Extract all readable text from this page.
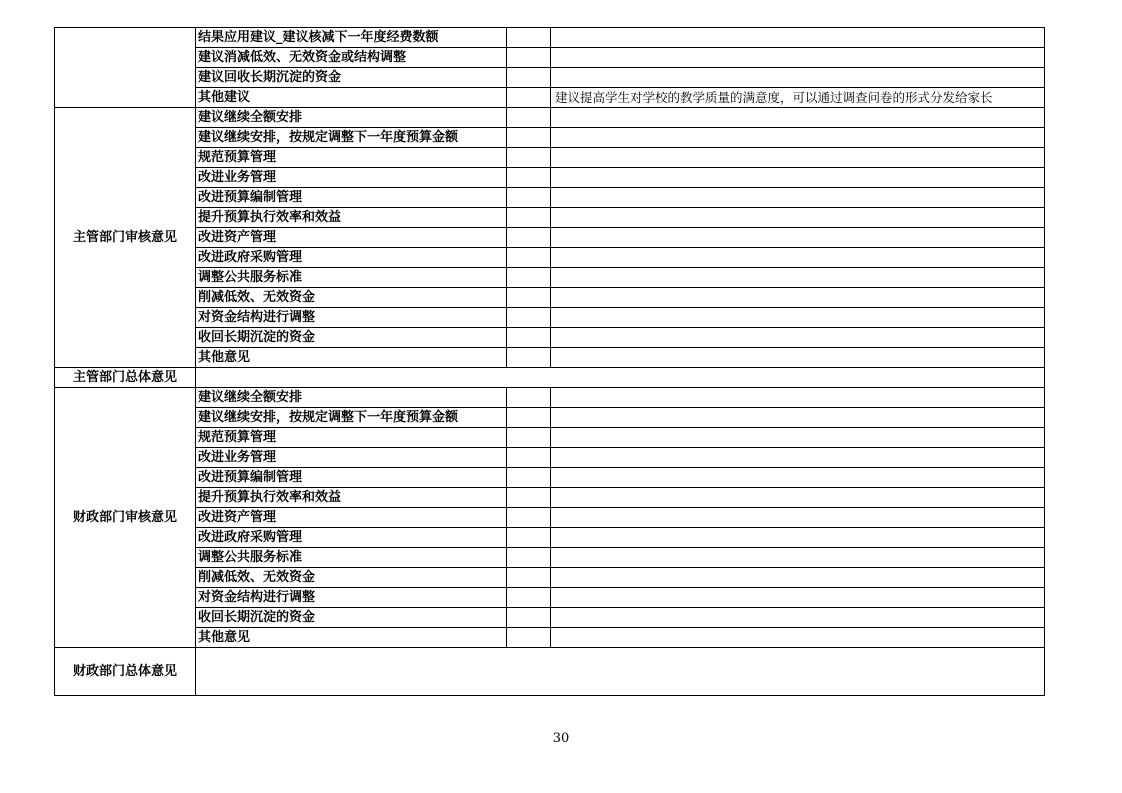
	结果应用建议_建议核减下一年度经费数额		
	建议消减低效、无效资金或结构调整		
	建议回收长期沉淀的资金		
	其他建议		建议提高学生对学校的教学质量的满意度，可以通过调查问卷的形式分发给家长
主管部门审核意见	建议继续全额安排		
	建议继续安排，按规定调整下一年度预算金额		
	规范预算管理		
	改进业务管理		
	改进预算编制管理		
	提升预算执行效率和效益		
	改进资产管理		
	改进政府采购管理		
	调整公共服务标准		
	削减低效、无效资金		
	对资金结构进行调整		
	收回长期沉淀的资金		
	其他意见		
主管部门总体意见			
财政部门审核意见	建议继续全额安排		
	建议继续安排，按规定调整下一年度预算金额		
	规范预算管理		
	改进业务管理		
	改进预算编制管理		
	提升预算执行效率和效益		
	改进资产管理		
	改进政府采购管理		
	调整公共服务标准		
	削减低效、无效资金		
	对资金结构进行调整		
	收回长期沉淀的资金		
	其他意见		
财政部门总体意见			
30
